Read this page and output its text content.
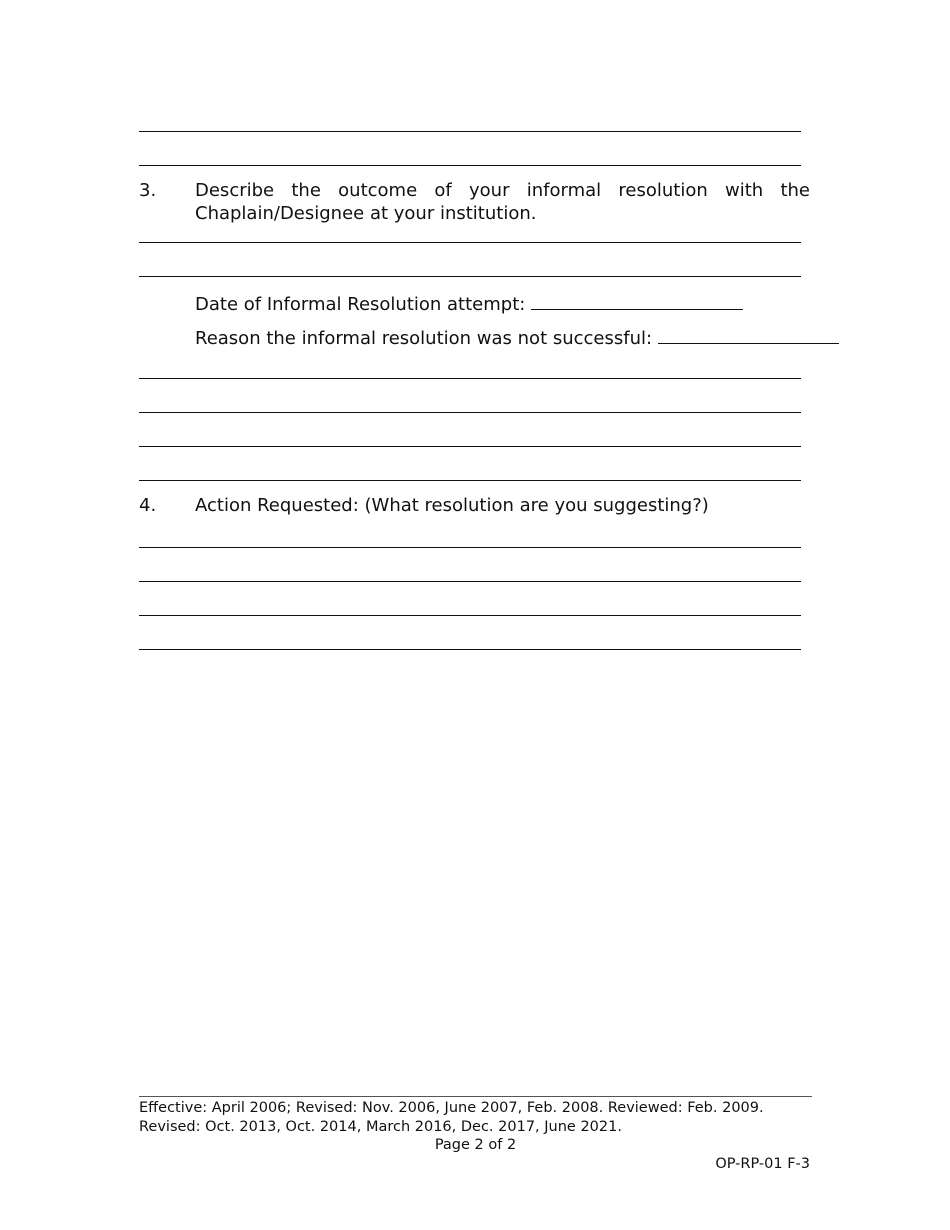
3. Describe the outcome of your informal resolution with the Chaplain/Designee at your institution.
Date of Informal Resolution attempt:
Reason the informal resolution was not successful:
4. Action Requested: (What resolution are you suggesting?)
Effective: April 2006; Revised: Nov. 2006, June 2007, Feb. 2008. Reviewed: Feb. 2009. Revised: Oct. 2013, Oct. 2014, March 2016, Dec. 2017, June 2021.
Page 2 of 2
OP-RP-01 F-3
